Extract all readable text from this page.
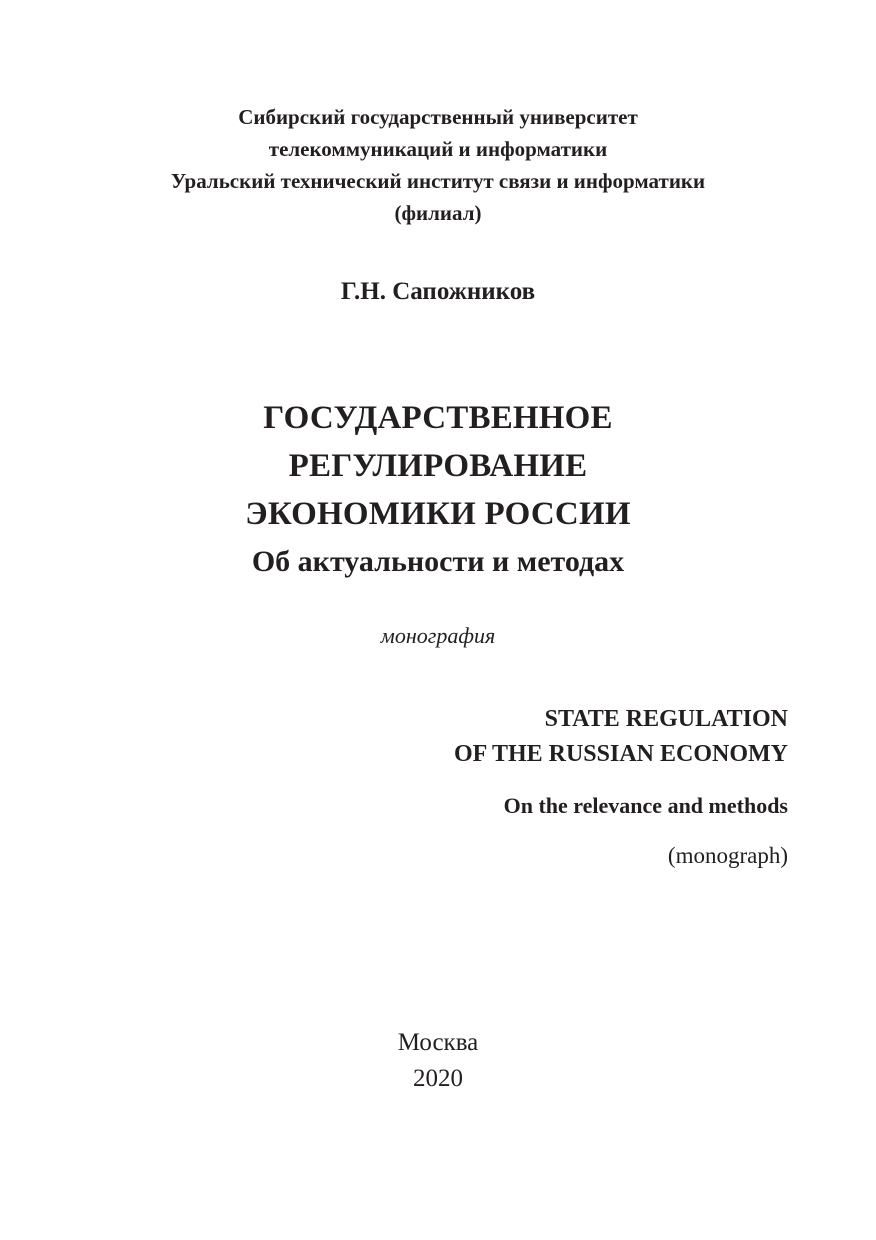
Сибирский государственный университет
телекоммуникаций и информатики
Уральский технический институт связи и информатики
(филиал)
Г.Н. Сапожников
ГОСУДАРСТВЕННОЕ
РЕГУЛИРОВАНИЕ
ЭКОНОМИКИ РОССИИ
Об актуальности и методах
монография
STATE REGULATION
OF THE RUSSIAN ECONOMY
On the relevance and methods
(monograph)
Москва
2020
